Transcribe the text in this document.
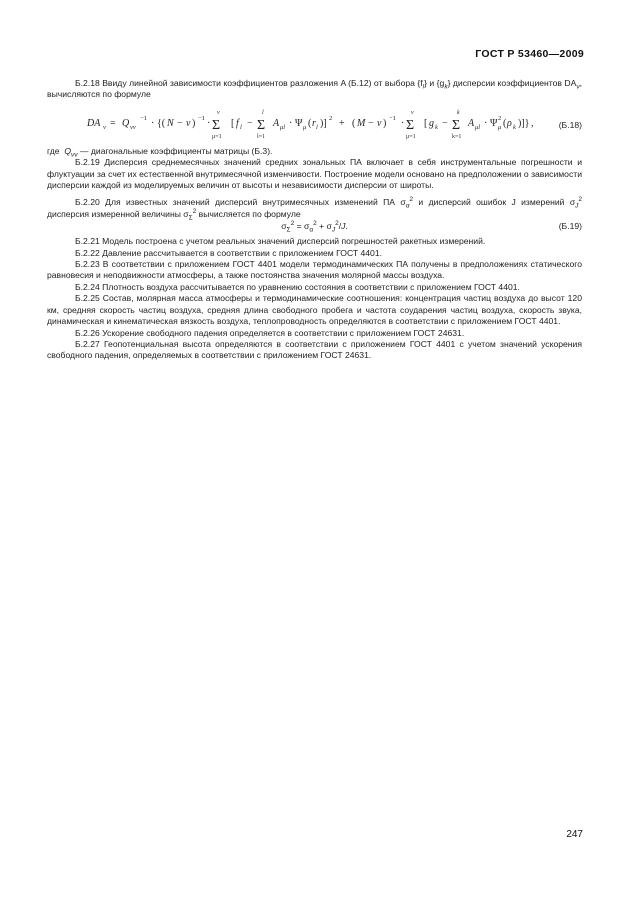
ГОСТ Р 53460—2009

Б.2.18 Ввиду линейной зависимости коэффициентов разложения A (Б.12) от выбора $\{f_l\}$ и $\{g_k\}$ дисперсии коэффициентов $DA_\nu$, вычисляются по формуле

DA ν = Q νν
−1 · {( N − ν ) −1 ·
ν
Σ
μ=1
[ f l −
l
Σ
l=1
A μl · Ψ μ ( r l )] 2 + ( M − ν ) −1 ·
ν
Σ
μ=1
[ g k −
k
Σ
k=1
A μl · Ψ μ
2 ( ρ k )]} ,	(Б.18)

где $Q_{\nu\nu}$ — диагональные коэффициенты матрицы (Б.3).

Б.2.19 Дисперсия среднемесячных значений средних зональных ПА включает в себя инструментальные погрешности и флуктуации за счет их естественной внутримесячной изменчивости. Построение модели основано на предположении о зависимости дисперсии каждой из моделируемых величин от высоты и независимости дисперсии от широты.

Б.2.20 Для известных значений дисперсий внутримесячных изменений ПА $\sigma_\alpha^2$ и дисперсий ошибок J измерений $\sigma_J^2$ дисперсия измеренной величины $\sigma_\Sigma^2$ вычисляется по формуле

$\sigma_\Sigma^2 = \sigma_\alpha^2 + \sigma_J^2/J$.	(Б.19)

Б.2.21 Модель построена с учетом реальных значений дисперсий погрешностей ракетных измерений.

Б.2.22 Давление рассчитывается в соответствии с приложением ГОСТ 4401.

Б.2.23 В соответствии с приложением ГОСТ 4401 модели термодинамических ПА получены в предположениях статического равновесия и неподвижности атмосферы, а также постоянства значения молярной массы воздуха.

Б.2.24 Плотность воздуха рассчитывается по уравнению состояния в соответствии с приложением ГОСТ 4401.

Б.2.25 Состав, молярная масса атмосферы и термодинамические соотношения: концентрация частиц воздуха до высот 120 км, средняя скорость частиц воздуха, средняя длина свободного пробега и частота соударения частиц воздуха, скорость звука, динамическая и кинематическая вязкость воздуха, теплопроводность определяются в соответствии с приложением ГОСТ 4401.

Б.2.26 Ускорение свободного падения определяется в соответствии с приложением ГОСТ 24631.

Б.2.27 Геопотенциальная высота определяются в соответствии с приложением ГОСТ 4401 с учетом значений ускорения свободного падения, определяемых в соответствии с приложением ГОСТ 24631.

247
